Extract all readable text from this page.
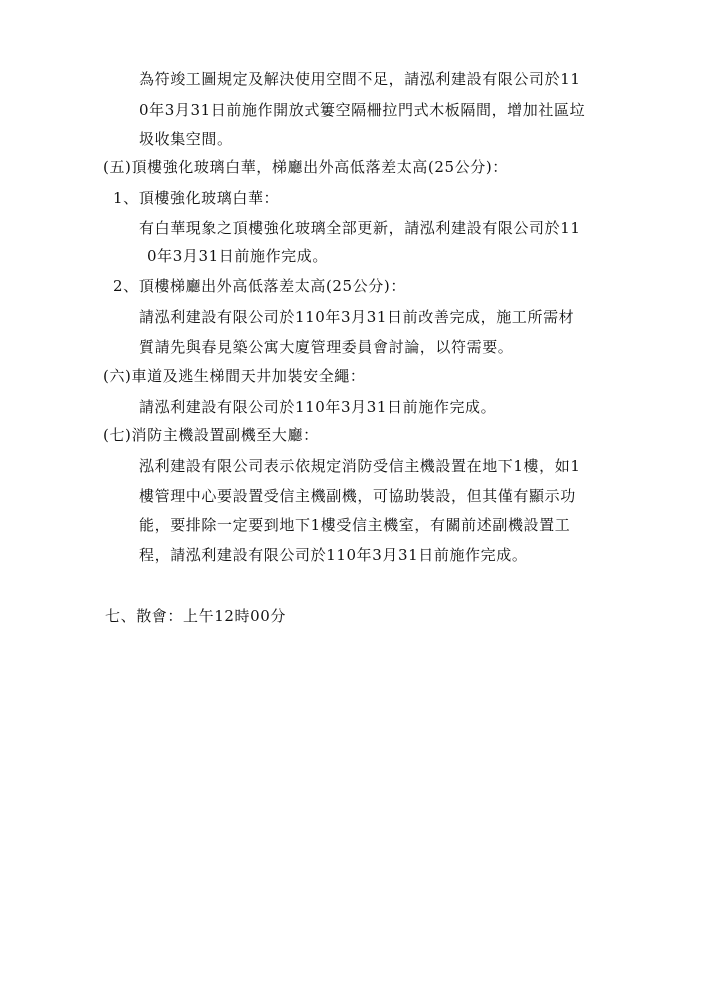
為符竣工圖規定及解決使用空間不足，請泓利建設有限公司於11
0年3月31日前施作開放式簍空隔柵拉門式木板隔間，增加社區垃
圾收集空間。
(五)頂樓強化玻璃白華，梯廳出外高低落差太高(25公分)：
1、頂樓強化玻璃白華：
有白華現象之頂樓強化玻璃全部更新，請泓利建設有限公司於11
0年3月31日前施作完成。
2、頂樓梯廳出外高低落差太高(25公分)：
請泓利建設有限公司於110年3月31日前改善完成，施工所需材
質請先與春見築公寓大廈管理委員會討論，以符需要。
(六)車道及逃生梯間天井加裝安全繩：
請泓利建設有限公司於110年3月31日前施作完成。
(七)消防主機設置副機至大廳：
泓利建設有限公司表示依規定消防受信主機設置在地下1樓，如1
樓管理中心要設置受信主機副機，可協助裝設，但其僅有顯示功
能，要排除一定要到地下1樓受信主機室，有關前述副機設置工
程，請泓利建設有限公司於110年3月31日前施作完成。
七、散會：上午12時00分
